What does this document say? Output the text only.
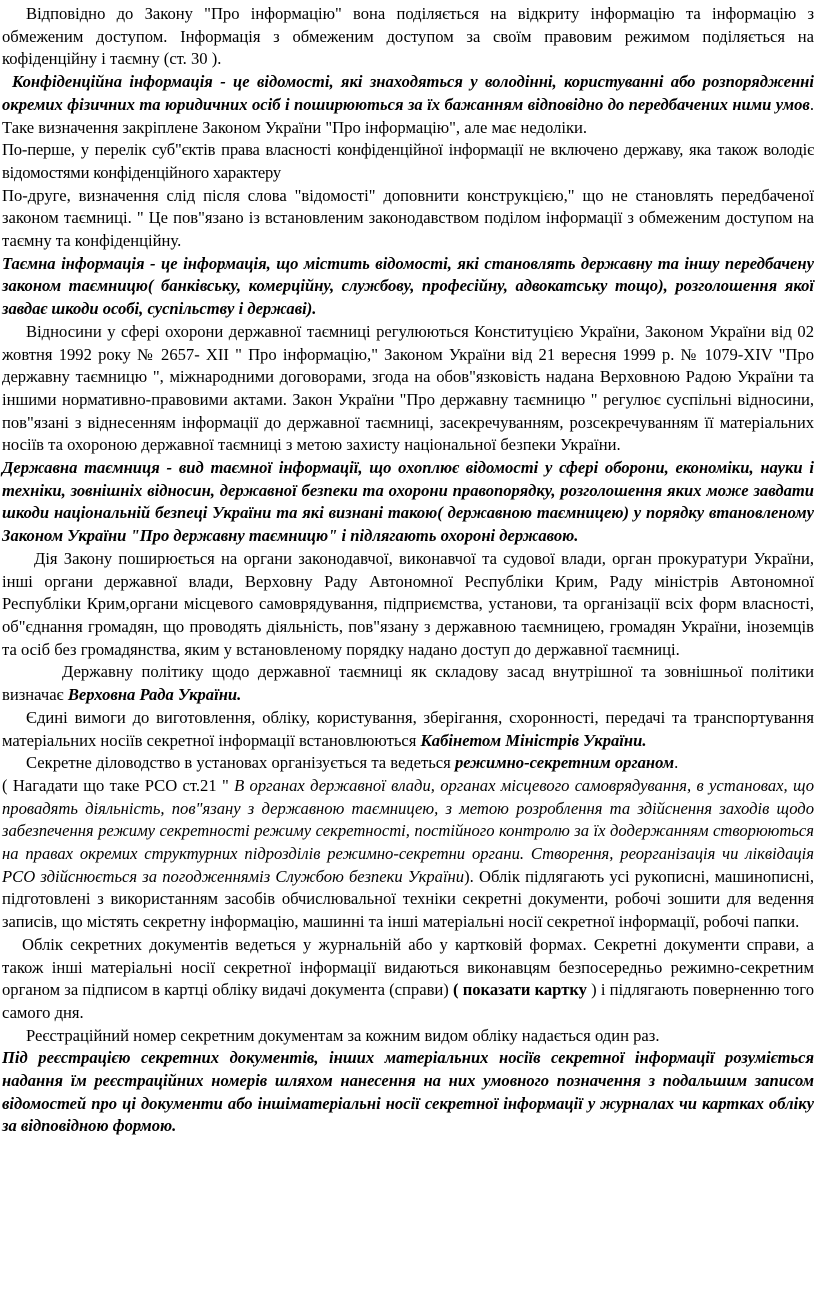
Відповідно до Закону "Про інформацію" вона поділяється на відкриту інформацію та інформацію з обмеженим доступом. Інформація з обмеженим доступом за своїм правовим режимом поділяється на кофіденційну і таємну (ст. 30 ).

Конфіденційна інформація - це відомості, які знаходяться у володінні, користуванні або розпорядженні окремих фізичних та юридичних осіб і поширюються за їх бажанням відповідно до передбачених ними умов. Таке визначення закріплене Законом України "Про інформацію", але має недоліки.

По-перше, у перелік суб"єктів права власності конфіденційної інформації не включено державу, яка також володіє відомостями конфіденційного характеру

По-друге, визначення слід після слова "відомості" доповнити конструкцією," що не становлять передбаченої законом таємниці. " Це пов"язано із встановленим законодавством поділом інформації з обмеженим доступом на таємну та конфіденційну.

Таємна інформація - це інформація, що містить відомості, які становлять державну та іншу передбачену законом таємницю( банківську, комерційну, службову, професійну, адвокатську тощо), розголошення якої завдає шкоди особі, суспільству і державі).

Відносини у сфері охорони державної таємниці регулюються Конституцією України, Законом України від 02 жовтня 1992 року № 2657- XII " Про інформацію," Законом України від 21 вересня 1999 р. № 1079-XIV "Про державну таємницю ", міжнародними договорами, згода на обов"язковість надана Верховною Радою України та іншими нормативно-правовими актами. Закон України "Про державну таємницю " регулює суспільні відносини, пов"язані з віднесенням інформації до державної таємниці, засекречуванням, розсекречуванням її матеріальних носіїв та охороною державної таємниці з метою захисту національної безпеки України.

Державна таємниця - вид таємної інформації, що охоплює відомості у сфері оборони, економіки, науки і техніки, зовнішніх відносин, державної безпеки та охорони правопорядку, розголошення яких може завдати шкоди національній безпеці України та які визнані такою( державною таємницею) у порядку втановленому Законом України "Про державну таємницю" і підлягають охороні державою.

Дія Закону поширюється на органи законодавчої, виконавчої та судової влади, орган прокуратури України, інші органи державної влади, Верховну Раду Автономної Республіки Крим, Раду міністрів Автономної Республіки Крим,органи місцевого самоврядування, підприємства, установи, та організації всіх форм власності, об"єднання громадян, що проводять діяльність, пов"язану з державною таємницею, громадян України, іноземців та осіб без громадянства, яким у встановленому порядку надано доступ до державної таємниці.

Державну політику щодо державної таємниці як складову засад внутрішної та зовнішньої політики визначає Верховна Рада України.

Єдині вимоги до виготовлення, обліку, користування, зберігання, схоронності, передачі та транспортування матеріальних носіїв секретної інформації встановлюються Кабінетом Міністрів України.

Секретне діловодство в установах організується та ведеться режимно-секретним органом.

( Нагадати що таке РСО ст.21 " В органах державної влади, органах місцевого самоврядування, в установах, що провадять діяльність, пов"язану з державною таємницею, з метою розроблення та здійснення заходів щодо забезпечення режиму секретності режиму секретності, постійного контролю за їх додержанням створюються на правах окремих структурних підрозділів режимно-секретни органи. Створення, реорганізація чи ліквідація РСО здійснюється за погодженняміз Службою безпеки України). Облік підлягають усі рукописні, машинописні, підготовлені з використанням засобів обчислювальної техніки секретні документи, робочі зошити для ведення записів, що містять секретну інформацію, машинні та інші матеріальні носії секретної інформації, робочі папки.

Облік секретних документів ведеться у журнальній або у картковій формах. Секретні документи справи, а також інші матеріальні носії секретної інформації видаються виконавцям безпосередньо режимно-секретним органом за підписом в картці обліку видачі документа (справи) ( показати картку ) і підлягають поверненню того самого дня.

Реєстраційний номер секретним документам за кожним видом обліку надається один раз.

Під реєстрацією секретних документів, інших матеріальних носіїв секретної інформації розуміється надання їм реєстраційних номерів шляхом нанесення на них умовного позначення з подальшим записом відомостей про ці документи або іншіматеріальні носії секретної інформації у журналах чи картках обліку за відповідною формою.
